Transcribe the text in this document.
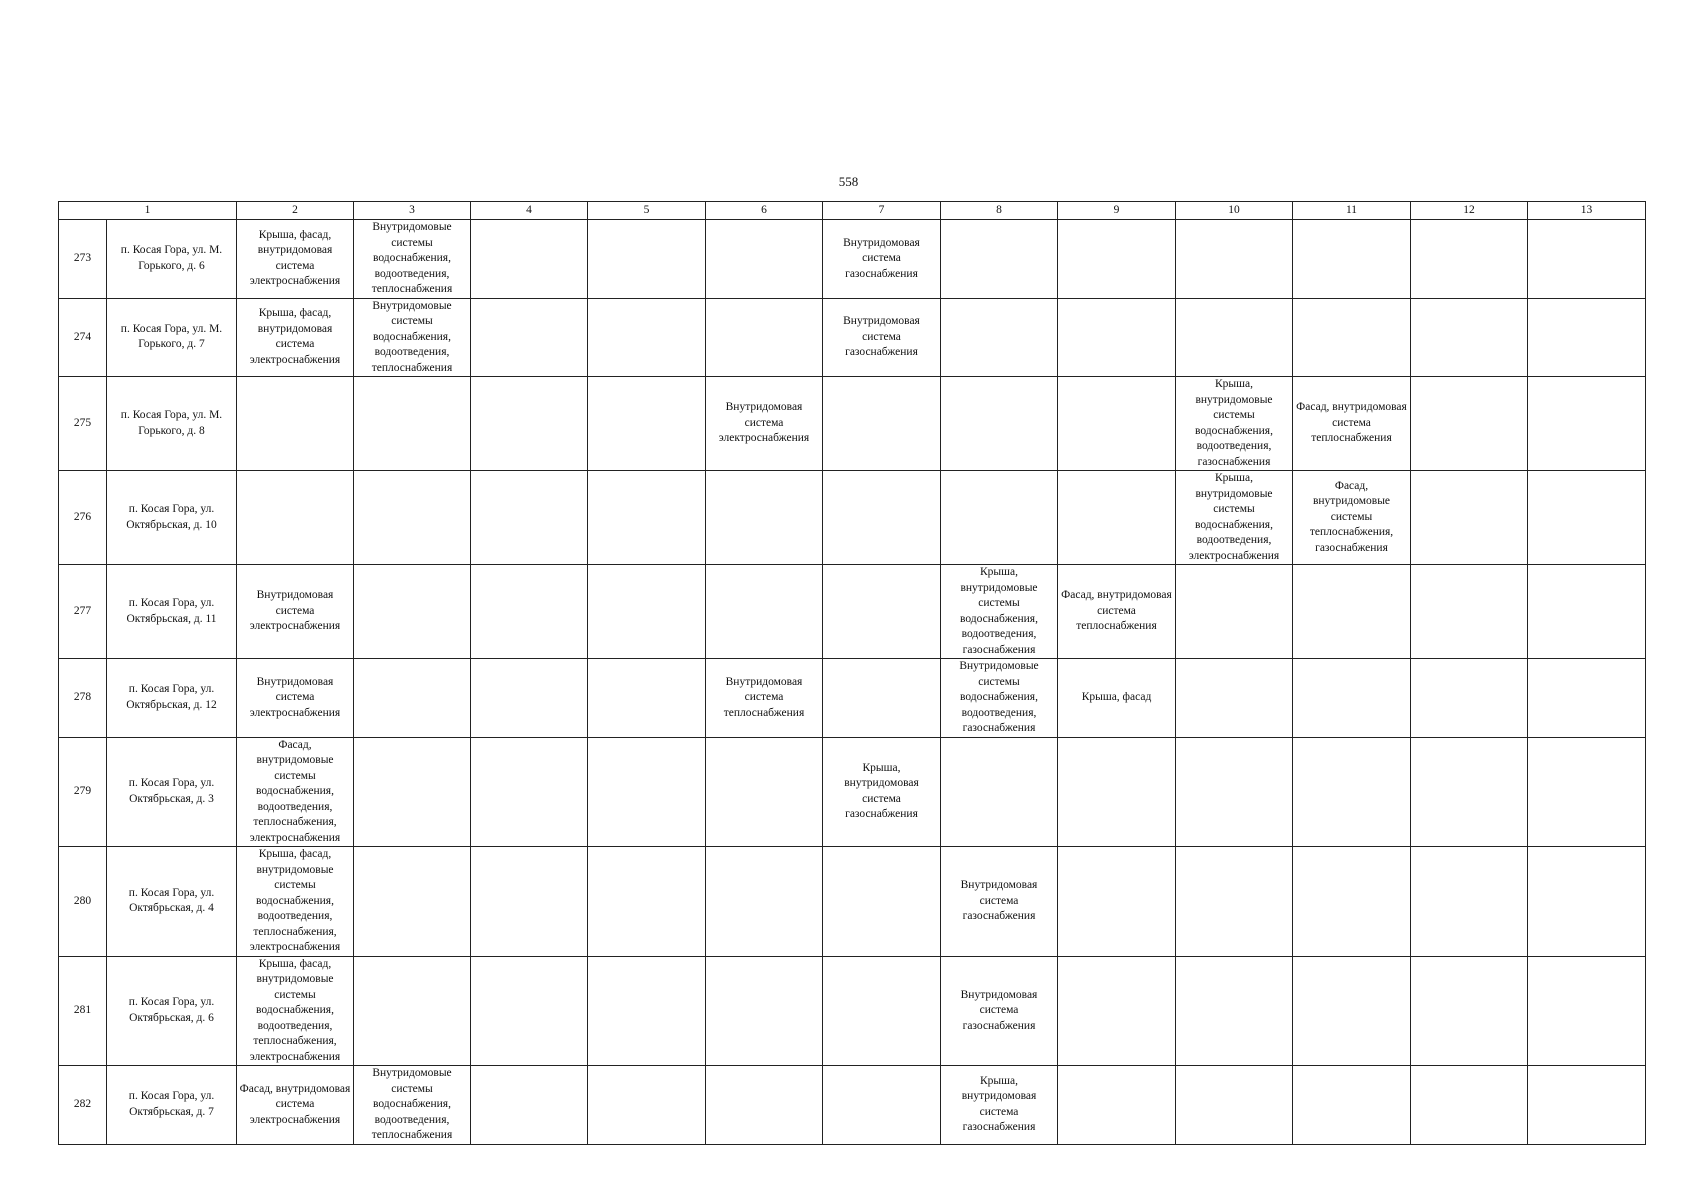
558
1		2	3	4	5	6	7	8	9	10	11	12	13
273	п. Косая Гора, ул. М. Горького, д. 6	Крыша, фасад, внутридомовая система электроснабжения	Внутридомовые системы водоснабжения, водоотведения, теплоснабжения				Внутридомовая система газоснабжения						
274	п. Косая Гора, ул. М. Горького, д. 7	Крыша, фасад, внутридомовая система электроснабжения	Внутридомовые системы водоснабжения, водоотведения, теплоснабжения				Внутридомовая система газоснабжения						
275	п. Косая Гора, ул. М. Горького, д. 8					Внутридомовая система электроснабжения				Крыша, внутридомовые системы водоснабжения, водоотведения, газоснабжения	Фасад, внутридомовая система теплоснабжения		
276	п. Косая Гора, ул. Октябрьская, д. 10									Крыша, внутридомовые системы водоснабжения, водоотведения, электроснабжения	Фасад, внутридомовые системы теплоснабжения, газоснабжения		
277	п. Косая Гора, ул. Октябрьская, д. 11	Внутридомовая система электроснабжения						Крыша, внутридомовые системы водоснабжения, водоотведения, газоснабжения	Фасад, внутридомовая система теплоснабжения				
278	п. Косая Гора, ул. Октябрьская, д. 12	Внутридомовая система электроснабжения				Внутридомовая система теплоснабжения		Внутридомовые системы водоснабжения, водоотведения, газоснабжения	Крыша, фасад				
279	п. Косая Гора, ул. Октябрьская, д. 3	Фасад, внутридомовые системы водоснабжения, водоотведения, теплоснабжения, электроснабжения					Крыша, внутридомовая система газоснабжения						
280	п. Косая Гора, ул. Октябрьская, д. 4	Крыша, фасад, внутридомовые системы водоснабжения, водоотведения, теплоснабжения, электроснабжения						Внутридомовая система газоснабжения					
281	п. Косая Гора, ул. Октябрьская, д. 6	Крыша, фасад, внутридомовые системы водоснабжения, водоотведения, теплоснабжения, электроснабжения						Внутридомовая система газоснабжения					
282	п. Косая Гора, ул. Октябрьская, д. 7	Фасад, внутридомовая система электроснабжения	Внутридомовые системы водоснабжения, водоотведения, теплоснабжения					Крыша, внутридомовая система газоснабжения					
